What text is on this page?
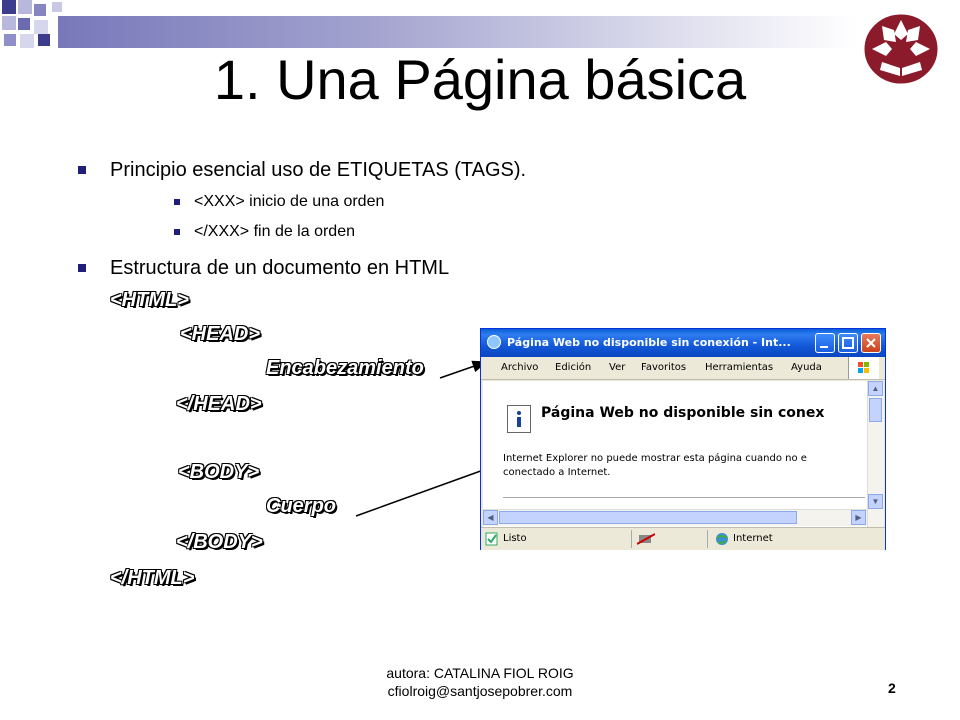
1. Una Página básica
Principio esencial uso de ETIQUETAS (TAGS).
<XXX> inicio de una orden
</XXX> fin de la orden
Estructura de un documento en HTML
<HTML>
<HEAD>
Encabezamiento
</HEAD>
<BODY>
Cuerpo
</BODY>
</HTML>
Página Web no disponible sin conexión - Int...
Archivo Edición Ver Favoritos Herramientas Ayuda
Página Web no disponible sin conex
Internet Explorer no puede mostrar esta página cuando no e
conectado a Internet.
▲
▼
◀	▶
Listo	Internet
autora: CATALINA FIOL ROIG
cfiolroig@santjosepobrer.com	2
